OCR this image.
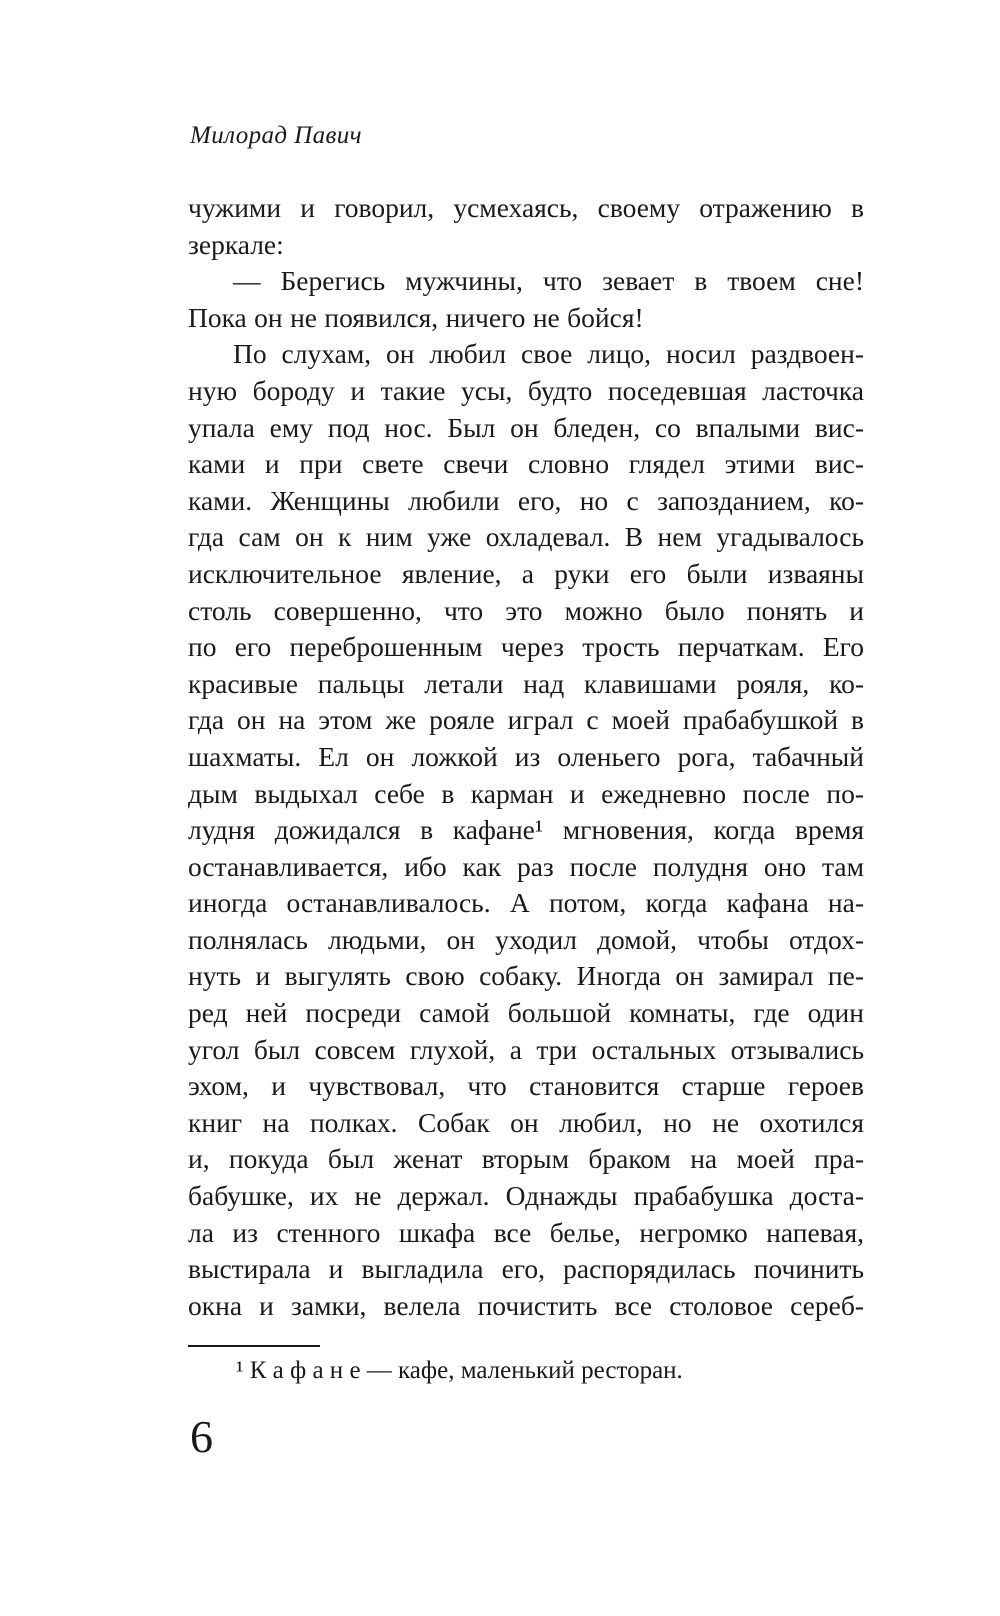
Милорад Павич
чужими и говорил, усмехаясь, своему отражению в
зеркале:
— Берегись мужчины, что зевает в твоем сне!
Пока он не появился, ничего не бойся!
По слухам, он любил свое лицо, носил раздвоен-
ную бороду и такие усы, будто поседевшая ласточка
упала ему под нос. Был он бледен, со впалыми вис-
ками и при свете свечи словно глядел этими вис-
ками. Женщины любили его, но с запозданием, ко-
гда сам он к ним уже охладевал. В нем угадывалось
исключительное явление, а руки его были изваяны
столь совершенно, что это можно было понять и
по его переброшенным через трость перчаткам. Его
красивые пальцы летали над клавишами рояля, ко-
гда он на этом же рояле играл с моей прабабушкой в
шахматы. Ел он ложкой из оленьего рога, табачный
дым выдыхал себе в карман и ежедневно после по-
лудня дожидался в кафане¹ мгновения, когда время
останавливается, ибо как раз после полудня оно там
иногда останавливалось. А потом, когда кафана на-
полнялась людьми, он уходил домой, чтобы отдох-
нуть и выгулять свою собаку. Иногда он замирал пе-
ред ней посреди самой большой комнаты, где один
угол был совсем глухой, а три остальных отзывались
эхом, и чувствовал, что становится старше героев
книг на полках. Собак он любил, но не охотился
и, покуда был женат вторым браком на моей пра-
бабушке, их не держал. Однажды прабабушка доста-
ла из стенного шкафа все белье, негромко напевая,
выстирала и выгладила его, распорядилась починить
окна и замки, велела почистить все столовое сереб-
¹ К а ф а н е — кафе, маленький ресторан.
6
